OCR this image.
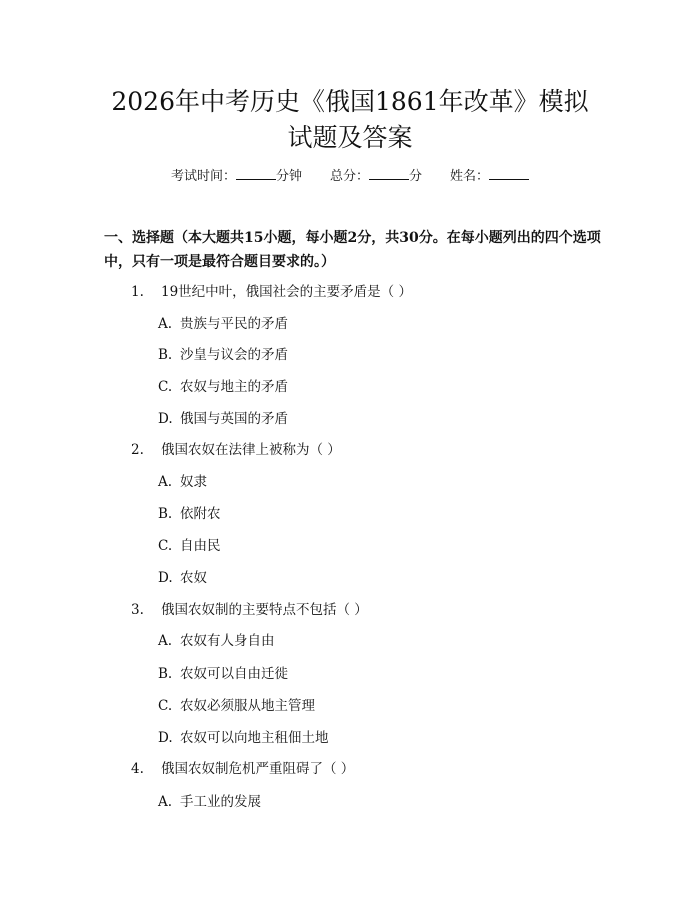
2026年中考历史《俄国1861年改革》模拟
试题及答案
考试时间：	分钟 总分：	分 姓名：

一、选择题（本大题共15小题，每小题2分，共30分。在每小题列出的四个选项中，只有一项是最符合题目要求的。）

1. 19世纪中叶，俄国社会的主要矛盾是（ ）

A. 贵族与平民的矛盾

B. 沙皇与议会的矛盾

C. 农奴与地主的矛盾

D. 俄国与英国的矛盾

2. 俄国农奴在法律上被称为（ ）

A. 奴隶

B. 依附农

C. 自由民

D. 农奴

3. 俄国农奴制的主要特点不包括（ ）

A. 农奴有人身自由

B. 农奴可以自由迁徙

C. 农奴必须服从地主管理

D. 农奴可以向地主租佃土地

4. 俄国农奴制危机严重阻碍了（ ）

A. 手工业的发展
